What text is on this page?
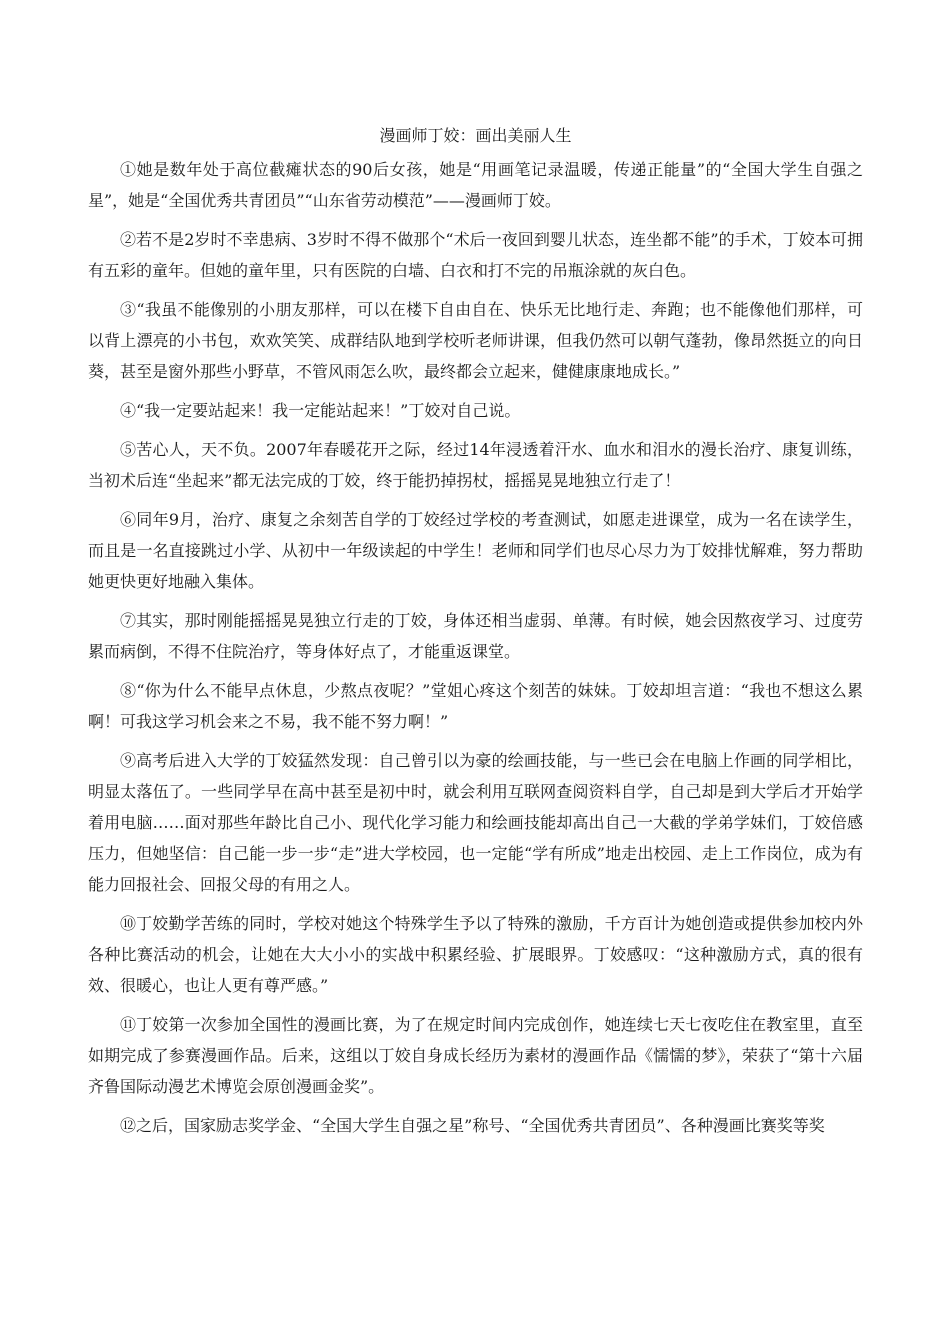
漫画师丁姣：画出美丽人生

①她是数年处于高位截瘫状态的90后女孩，她是“用画笔记录温暖，传递正能量”的“全国大学生自强之星”，她是“全国优秀共青团员”“山东省劳动模范”——漫画师丁姣。

②若不是2岁时不幸患病、3岁时不得不做那个“术后一夜回到婴儿状态，连坐都不能”的手术，丁姣本可拥有五彩的童年。但她的童年里，只有医院的白墙、白衣和打不完的吊瓶涂就的灰白色。

③“我虽不能像别的小朋友那样，可以在楼下自由自在、快乐无比地行走、奔跑；也不能像他们那样，可以背上漂亮的小书包，欢欢笑笑、成群结队地到学校听老师讲课，但我仍然可以朝气蓬勃，像昂然挺立的向日葵，甚至是窗外那些小野草，不管风雨怎么吹，最终都会立起来，健健康康地成长。”

④“我一定要站起来！我一定能站起来！”丁姣对自己说。

⑤苦心人，天不负。2007年春暖花开之际，经过14年浸透着汗水、血水和泪水的漫长治疗、康复训练，当初术后连“坐起来”都无法完成的丁姣，终于能扔掉拐杖，摇摇晃晃地独立行走了！

⑥同年9月，治疗、康复之余刻苦自学的丁姣经过学校的考查测试，如愿走进课堂，成为一名在读学生，而且是一名直接跳过小学、从初中一年级读起的中学生！老师和同学们也尽心尽力为丁姣排忧解难，努力帮助她更快更好地融入集体。

⑦其实，那时刚能摇摇晃晃独立行走的丁姣，身体还相当虚弱、单薄。有时候，她会因熬夜学习、过度劳累而病倒，不得不住院治疗，等身体好点了，才能重返课堂。

⑧“你为什么不能早点休息，少熬点夜呢？”堂姐心疼这个刻苦的妹妹。丁姣却坦言道：“我也不想这么累啊！可我这学习机会来之不易，我不能不努力啊！”

⑨高考后进入大学的丁姣猛然发现：自己曾引以为豪的绘画技能，与一些已会在电脑上作画的同学相比，明显太落伍了。一些同学早在高中甚至是初中时，就会利用互联网查阅资料自学，自己却是到大学后才开始学着用电脑……面对那些年龄比自己小、现代化学习能力和绘画技能却高出自己一大截的学弟学妹们，丁姣倍感压力，但她坚信：自己能一步一步“走”进大学校园，也一定能“学有所成”地走出校园、走上工作岗位，成为有能力回报社会、回报父母的有用之人。

⑩丁姣勤学苦练的同时，学校对她这个特殊学生予以了特殊的激励，千方百计为她创造或提供参加校内外各种比赛活动的机会，让她在大大小小的实战中积累经验、扩展眼界。丁姣感叹：“这种激励方式，真的很有效、很暖心，也让人更有尊严感。”

⑪丁姣第一次参加全国性的漫画比赛，为了在规定时间内完成创作，她连续七天七夜吃住在教室里，直至如期完成了参赛漫画作品。后来，这组以丁姣自身成长经历为素材的漫画作品《懦懦的梦》，荣获了“第十六届齐鲁国际动漫艺术博览会原创漫画金奖”。

⑫之后，国家励志奖学金、“全国大学生自强之星”称号、“全国优秀共青团员”、各种漫画比赛奖等奖
